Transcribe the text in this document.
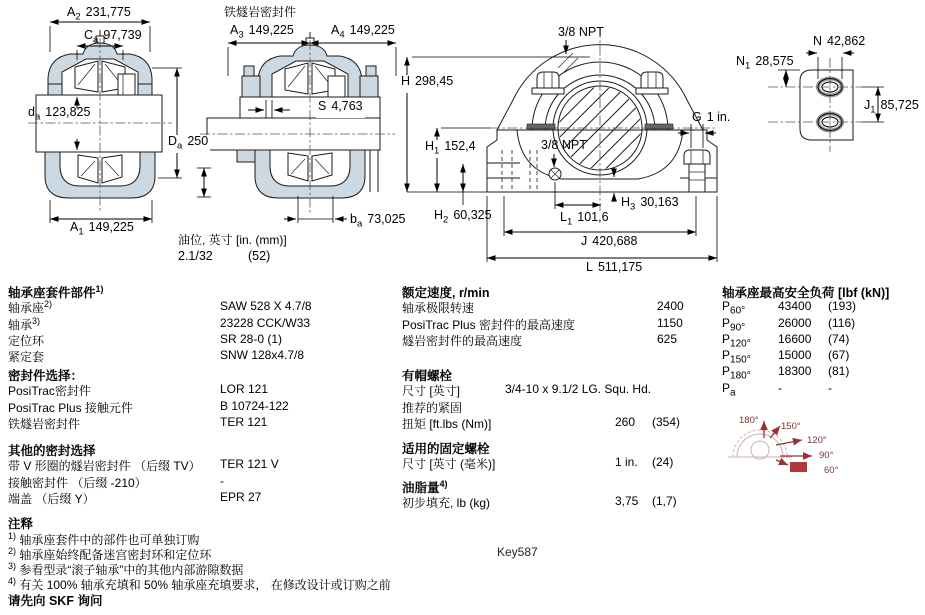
$A_2$ 231,775
$C_a$ 97,739
$d_a$ 123,825
$A_1$ 149,225
$D_a$ 250
铁燧岩密封件
$A_3$ 149,225	$A_4$ 149,225
S 4,763
$b_a$ 73,025
油位, 英寸 [in. (mm)]
2.1/32	(52)
3/8 NPT
3/8 NPT
H 298,45
$H_1$ 152,4
$H_2$ 60,325
$H_3$ 30,163
G 1 in.
$L_1$ 101,6
J 420,688
L 511,175
N 42,862
$N_1$ 28,575
$J_1$ 85,725
180°
150°
120°
90°
60°
Key587
轴承座套件部件$^{1)}$
轴承座$^{2)}$	SAW 528 X 4.7/8
轴承$^{3)}$	23228 CCK/W33
定位环	SR 28-0 (1)
紧定套	SNW 128x4.7/8
密封件选择：
PosiTrac密封件	LOR 121
PosiTrac Plus 接触元件	B 10724-122
铁燧岩密封件	TER 121
其他的密封选择
带 V 形圈的燧岩密封件 （后缀 TV） TER 121 V
接触密封件 （后缀 -210）	-
端盖 （后缀 Y）	EPR 27
注释
$^{1)}$ 轴承座套件中的部件也可单独订购
$^{2)}$ 轴承座始终配备迷宫密封环和定位环
$^{3)}$ 参看型录“滚子轴承”中的其他内部游隙数据
$^{4)}$ 有关 100% 轴承充填和 50% 轴承座充填要求， 在修改设计或订购之前
请先向 SKF 询问
额定速度, r/min
轴承极限转速	2400
PosiTrac Plus 密封件的最高速度	1150
燧岩密封件的最高速度	625
有帽螺栓
尺寸 [英寸]	3/4-10 x 9.1/2 LG. Squ. Hd.
推荐的紧固
扭矩 [ft.lbs (Nm)]	260 (354)
适用的固定螺栓
尺寸 [英寸 (毫米)]	1 in. (24)
油脂量$^{4)}$
初步填充, lb (kg)	3,75 (1,7)
轴承座最高安全负荷 [lbf (kN)]
$P_{60^\circ}$	43400 (193)
$P_{90^\circ}$	26000 (116)
$P_{120^\circ}$ 16600 (74)
$P_{150^\circ}$ 15000 (67)
$P_{180^\circ}$ 18300 (81)
$P_a$	-	-
